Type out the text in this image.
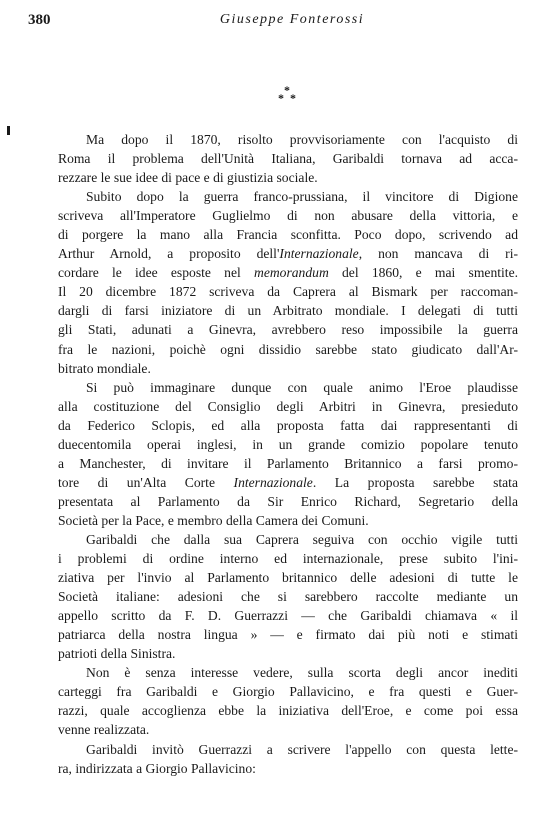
380	Giuseppe Fonterossi
*
* *
Ma dopo il 1870, risolto provvisoriamente con l'acquisto di
Roma il problema dell'Unità Italiana, Garibaldi tornava ad acca-
rezzare le sue idee di pace e di giustizia sociale.
Subito dopo la guerra franco-prussiana, il vincitore di Digione
scriveva all'Imperatore Guglielmo di non abusare della vittoria, e
di porgere la mano alla Francia sconfitta. Poco dopo, scrivendo ad
Arthur Arnold, a proposito dell'Internazionale, non mancava di ri-
cordare le idee esposte nel memorandum del 1860, e mai smentite.
Il 20 dicembre 1872 scriveva da Caprera al Bismark per raccoman-
dargli di farsi iniziatore di un Arbitrato mondiale. I delegati di tutti
gli Stati, adunati a Ginevra, avrebbero reso impossibile la guerra
fra le nazioni, poichè ogni dissidio sarebbe stato giudicato dall'Ar-
bitrato mondiale.
Si può immaginare dunque con quale animo l'Eroe plaudisse
alla costituzione del Consiglio degli Arbitri in Ginevra, presieduto
da Federico Sclopis, ed alla proposta fatta dai rappresentanti di
duecentomila operai inglesi, in un grande comizio popolare tenuto
a Manchester, di invitare il Parlamento Britannico a farsi promo-
tore di un'Alta Corte Internazionale. La proposta sarebbe stata
presentata al Parlamento da Sir Enrico Richard, Segretario della
Società per la Pace, e membro della Camera dei Comuni.
Garibaldi che dalla sua Caprera seguiva con occhio vigile tutti
i problemi di ordine interno ed internazionale, prese subito l'ini-
ziativa per l'invio al Parlamento britannico delle adesioni di tutte le
Società italiane: adesioni che si sarebbero raccolte mediante un
appello scritto da F. D. Guerrazzi — che Garibaldi chiamava « il
patriarca della nostra lingua » — e firmato dai più noti e stimati
patrioti della Sinistra.
Non è senza interesse vedere, sulla scorta degli ancor inediti
carteggi fra Garibaldi e Giorgio Pallavicino, e fra questi e Guer-
razzi, quale accoglienza ebbe la iniziativa dell'Eroe, e come poi essa
venne realizzata.
Garibaldi invitò Guerrazzi a scrivere l'appello con questa lette-
ra, indirizzata a Giorgio Pallavicino:
